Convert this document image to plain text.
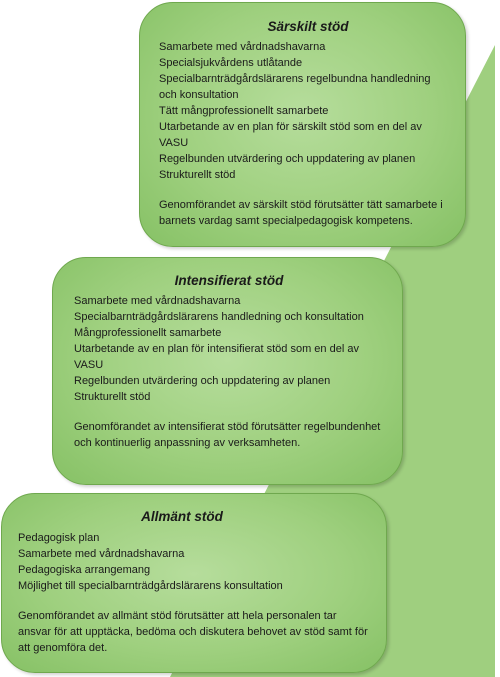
Särskilt stöd
Samarbete med vårdnadshavarna
Specialsjukvårdens utlåtande
Specialbarnträdgårdslärarens regelbundna handledning och konsultation
Tätt mångprofessionellt samarbete
Utarbetande av en plan för särskilt stöd som en del av VASU
Regelbunden utvärdering och uppdatering av planen
Strukturellt stöd

Genomförandet av särskilt stöd förutsätter tätt samarbete i barnets vardag samt specialpedagogisk kompetens.

Intensifierat stöd
Samarbete med vårdnadshavarna
Specialbarnträdgårdslärarens handledning och konsultation
Mångprofessionellt samarbete
Utarbetande av en plan för intensifierat stöd som en del av VASU
Regelbunden utvärdering och uppdatering av planen
Strukturellt stöd

Genomförandet av intensifierat stöd förutsätter regelbundenhet och kontinuerlig anpassning av verksamheten.

Allmänt stöd
Pedagogisk plan
Samarbete med vårdnadshavarna
Pedagogiska arrangemang
Möjlighet till specialbarnträdgårdslärarens konsultation

Genomförandet av allmänt stöd förutsätter att hela personalen tar ansvar för att upptäcka, bedöma och diskutera behovet av stöd samt för att genomföra det.
